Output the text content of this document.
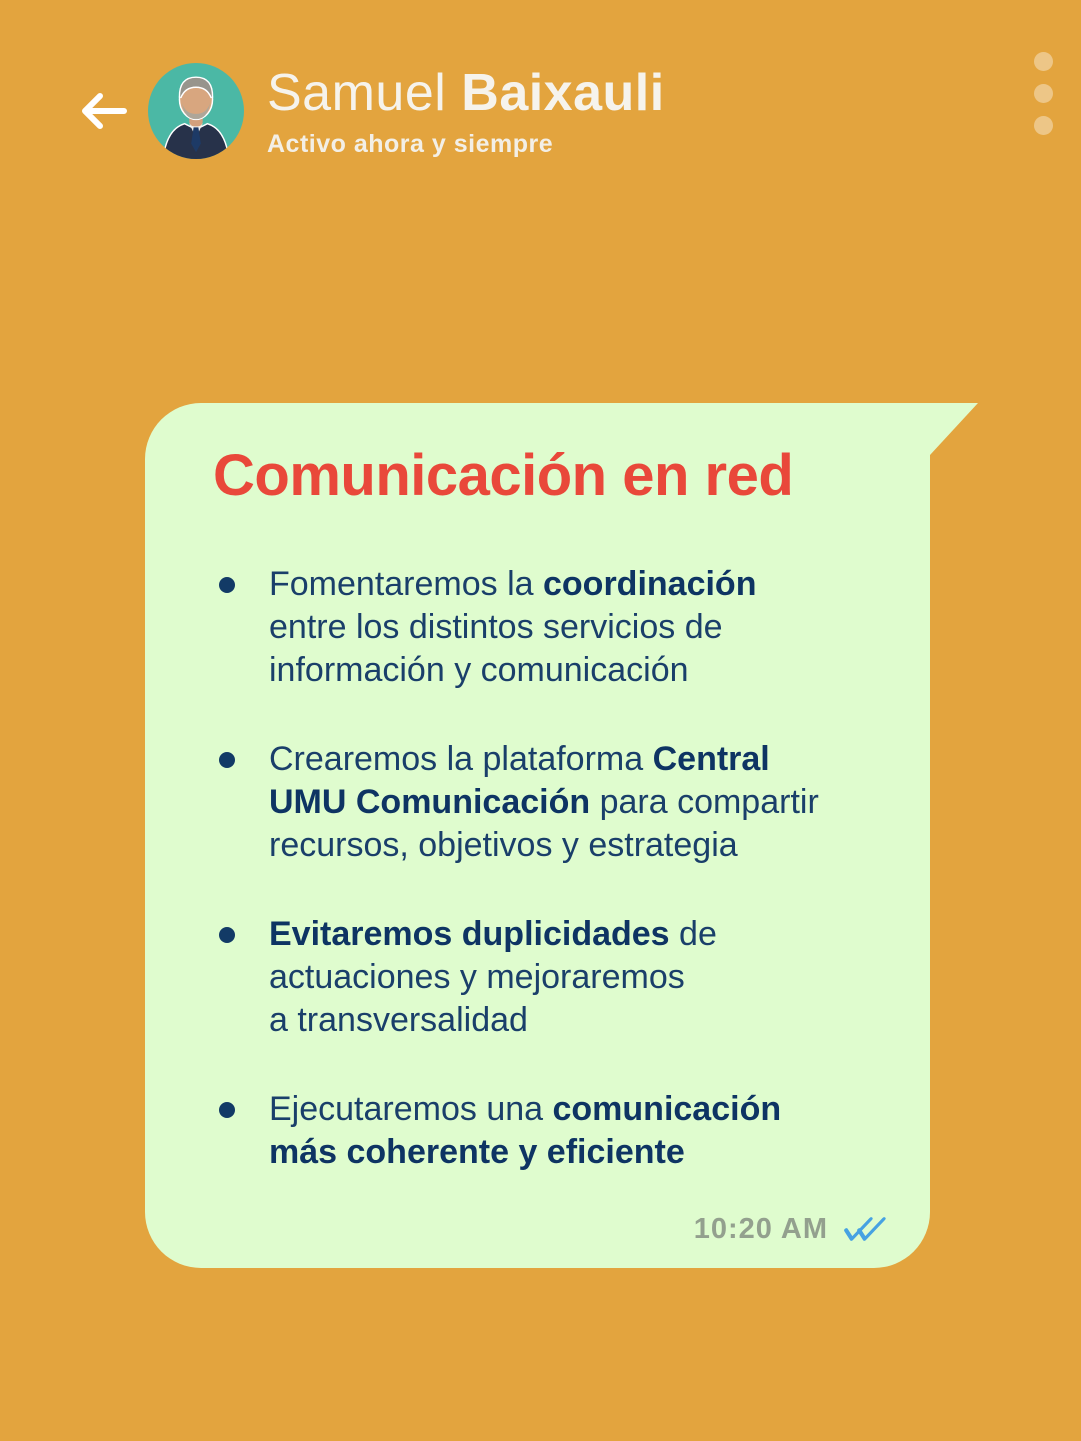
Samuel Baixauli
Activo ahora y siempre
Comunicación en red
Fomentaremos la coordinación
entre los distintos servicios de
información y comunicación
Crearemos la plataforma Central
UMU Comunicación para compartir
recursos, objetivos y estrategia
Evitaremos duplicidades de
actuaciones y mejoraremos
a transversalidad
Ejecutaremos una comunicación
más coherente y eficiente
10:20 AM
